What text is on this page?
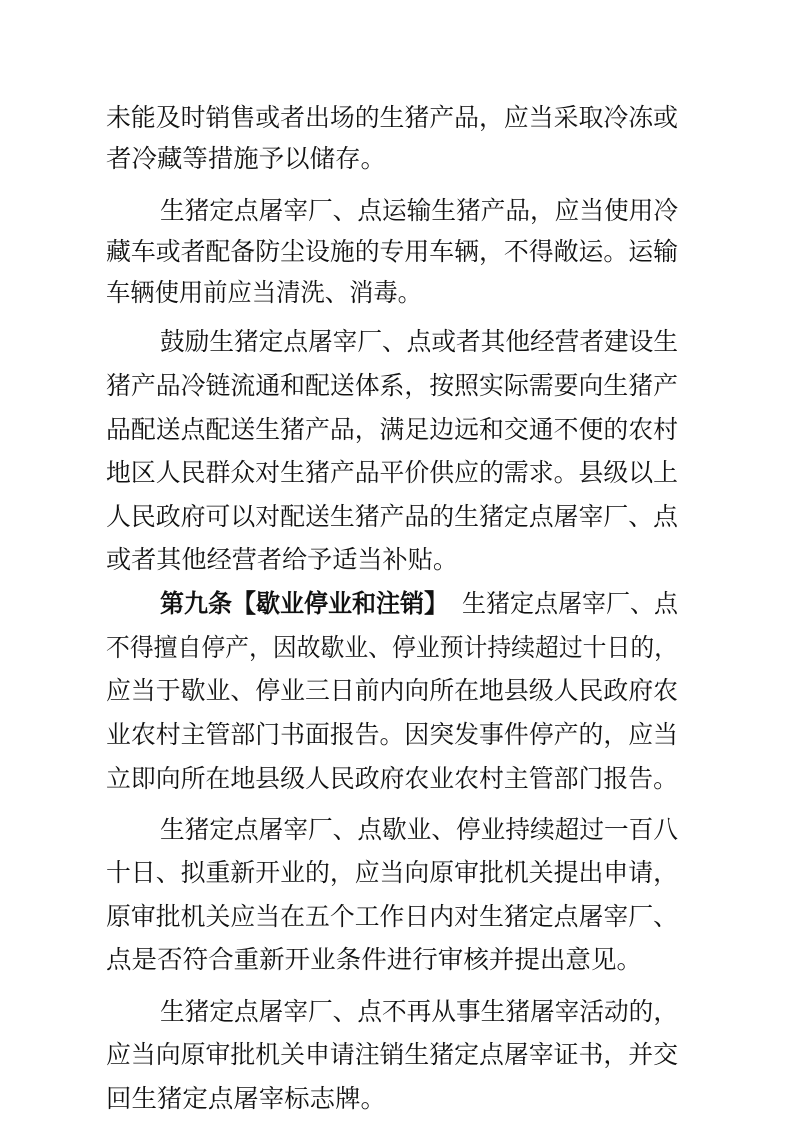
未能及时销售或者出场的生猪产品，应当采取冷冻或
者冷藏等措施予以储存。
生猪定点屠宰厂、点运输生猪产品，应当使用冷
藏车或者配备防尘设施的专用车辆，不得敞运。运输
车辆使用前应当清洗、消毒。
鼓励生猪定点屠宰厂、点或者其他经营者建设生
猪产品冷链流通和配送体系，按照实际需要向生猪产
品配送点配送生猪产品，满足边远和交通不便的农村
地区人民群众对生猪产品平价供应的需求。县级以上
人民政府可以对配送生猪产品的生猪定点屠宰厂、点
或者其他经营者给予适当补贴。
第九条【歇业停业和注销】 生猪定点屠宰厂、点
不得擅自停产，因故歇业、停业预计持续超过十日的，
应当于歇业、停业三日前内向所在地县级人民政府农
业农村主管部门书面报告。因突发事件停产的，应当
立即向所在地县级人民政府农业农村主管部门报告。
生猪定点屠宰厂、点歇业、停业持续超过一百八
十日、拟重新开业的，应当向原审批机关提出申请，
原审批机关应当在五个工作日内对生猪定点屠宰厂、
点是否符合重新开业条件进行审核并提出意见。
生猪定点屠宰厂、点不再从事生猪屠宰活动的，
应当向原审批机关申请注销生猪定点屠宰证书，并交
回生猪定点屠宰标志牌。
